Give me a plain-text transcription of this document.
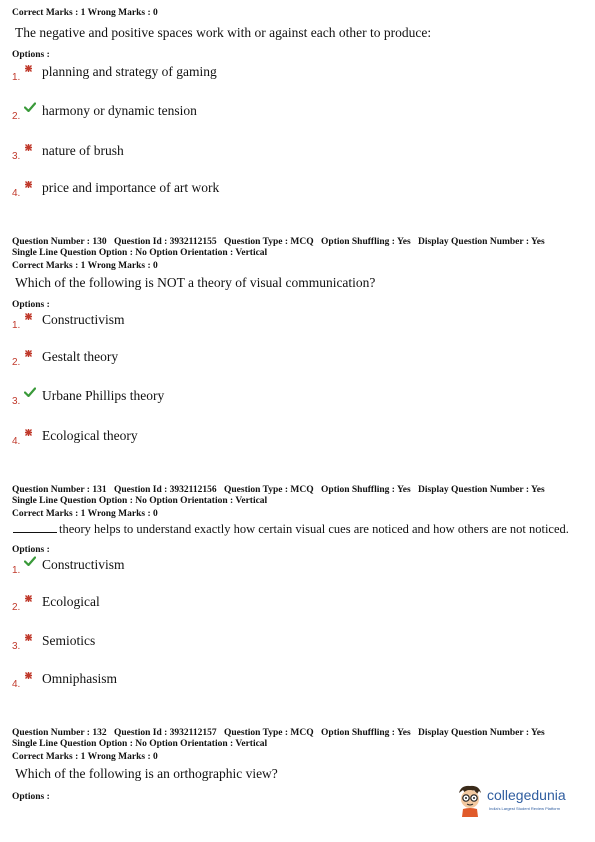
Correct Marks : 1 Wrong Marks : 0
The negative and positive spaces work with or against each other to produce:
Options :
1. planning and strategy of gaming
2. harmony or dynamic tension
3. nature of brush
4. price and importance of art work
Question Number : 130 Question Id : 3932112155 Question Type : MCQ Option Shuffling : Yes Display Question Number : Yes
Single Line Question Option : No Option Orientation : Vertical
Correct Marks : 1 Wrong Marks : 0
Which of the following is NOT a theory of visual communication?
Options :
1. Constructivism
2. Gestalt theory
3. Urbane Phillips theory
4. Ecological theory
Question Number : 131 Question Id : 3932112156 Question Type : MCQ Option Shuffling : Yes Display Question Number : Yes
Single Line Question Option : No Option Orientation : Vertical
Correct Marks : 1 Wrong Marks : 0
theory helps to understand exactly how certain visual cues are noticed and how others are not noticed.
Options :
1. Constructivism
2. Ecological
3. Semiotics
4. Omniphasism
Question Number : 132 Question Id : 3932112157 Question Type : MCQ Option Shuffling : Yes Display Question Number : Yes
Single Line Question Option : No Option Orientation : Vertical
Correct Marks : 1 Wrong Marks : 0
Which of the following is an orthographic view?
Options :	collegedunia
India's Largest Student Review Platform
